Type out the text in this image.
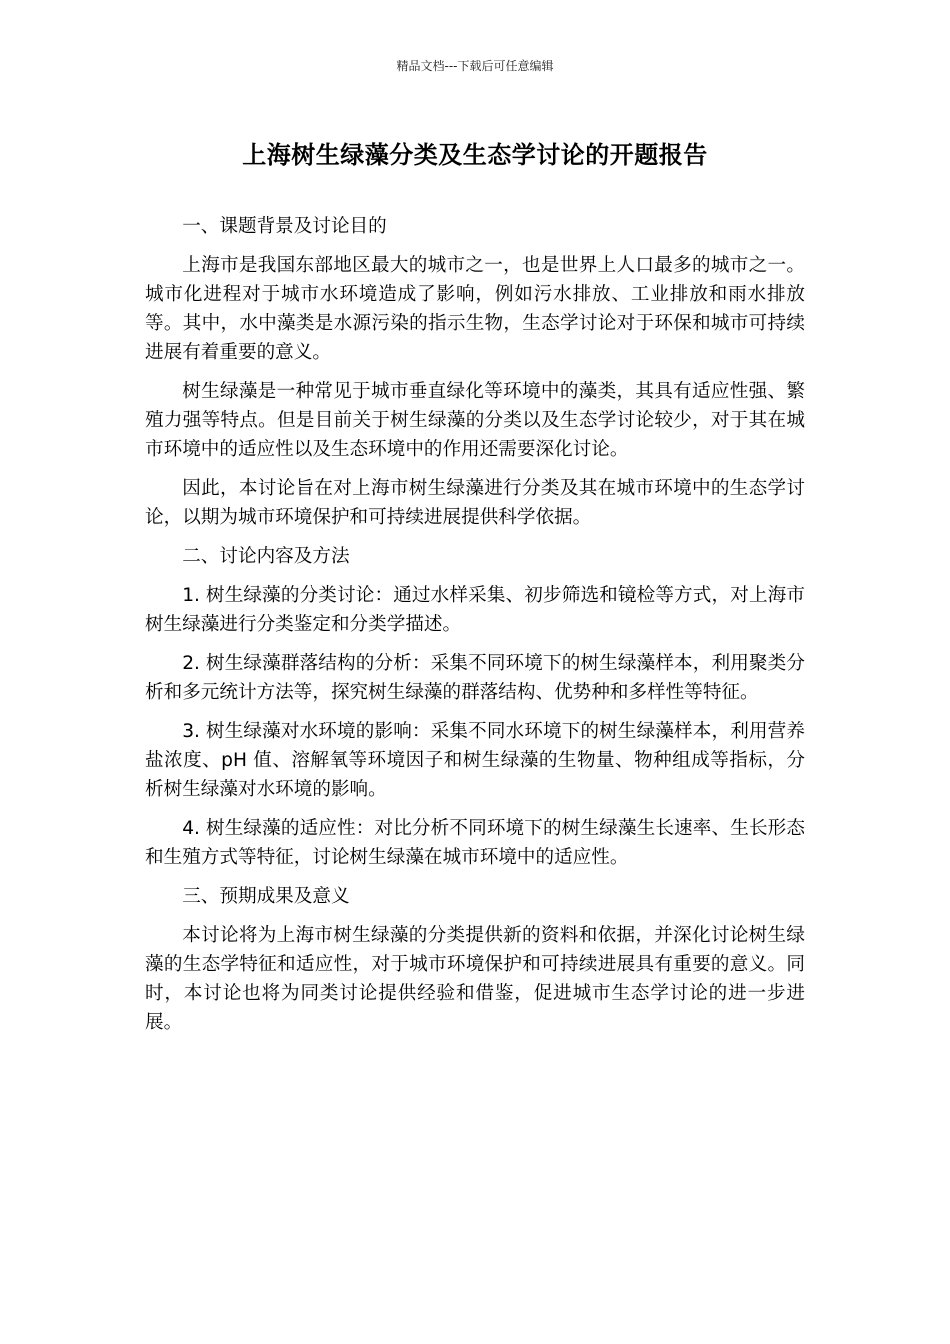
精品文档---下载后可任意编辑
上海树生绿藻分类及生态学讨论的开题报告

一、课题背景及讨论目的

上海市是我国东部地区最大的城市之一，也是世界上人口最多的城市之一。城市化进程对于城市水环境造成了影响，例如污水排放、工业排放和雨水排放等。其中，水中藻类是水源污染的指示生物，生态学讨论对于环保和城市可持续进展有着重要的意义。

树生绿藻是一种常见于城市垂直绿化等环境中的藻类，其具有适应性强、繁殖力强等特点。但是目前关于树生绿藻的分类以及生态学讨论较少，对于其在城市环境中的适应性以及生态环境中的作用还需要深化讨论。

因此，本讨论旨在对上海市树生绿藻进行分类及其在城市环境中的生态学讨论，以期为城市环境保护和可持续进展提供科学依据。

二、讨论内容及方法

1. 树生绿藻的分类讨论：通过水样采集、初步筛选和镜检等方式，对上海市树生绿藻进行分类鉴定和分类学描述。

2. 树生绿藻群落结构的分析：采集不同环境下的树生绿藻样本，利用聚类分析和多元统计方法等，探究树生绿藻的群落结构、优势种和多样性等特征。

3. 树生绿藻对水环境的影响：采集不同水环境下的树生绿藻样本，利用营养盐浓度、pH 值、溶解氧等环境因子和树生绿藻的生物量、物种组成等指标，分析树生绿藻对水环境的影响。

4. 树生绿藻的适应性：对比分析不同环境下的树生绿藻生长速率、生长形态和生殖方式等特征，讨论树生绿藻在城市环境中的适应性。

三、预期成果及意义

本讨论将为上海市树生绿藻的分类提供新的资料和依据，并深化讨论树生绿藻的生态学特征和适应性，对于城市环境保护和可持续进展具有重要的意义。同时，本讨论也将为同类讨论提供经验和借鉴，促进城市生态学讨论的进一步进展。
